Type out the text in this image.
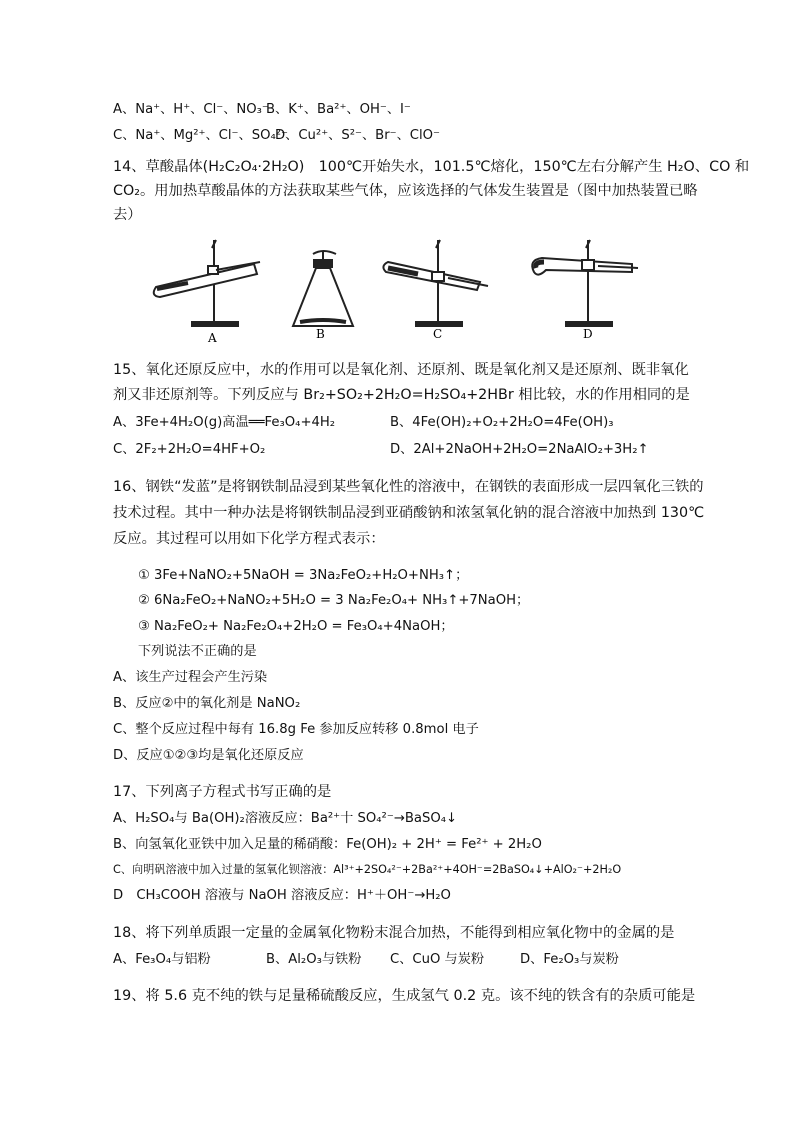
A、Na⁺、H⁺、Cl⁻、NO₃⁻
B、K⁺、Ba²⁺、OH⁻、I⁻
C、Na⁺、Mg²⁺、Cl⁻、SO₄²⁻
D、Cu²⁺、S²⁻、Br⁻、ClO⁻
14、草酸晶体(H₂C₂O₄·2H₂O)　100℃开始失水，101.5℃熔化，150℃左右分解产生 H₂O、CO 和
CO₂。用加热草酸晶体的方法获取某些气体，应该选择的气体发生装置是（图中加热装置已略
去）
A	B	C	D
15、氧化还原反应中，水的作用可以是氧化剂、还原剂、既是氧化剂又是还原剂、既非氧化
剂又非还原剂等。下列反应与 Br₂+SO₂+2H₂O=H₂SO₄+2HBr 相比较，水的作用相同的是
A、3Fe+4H₂O(g)高温══Fe₃O₄+4H₂	B、4Fe(OH)₂+O₂+2H₂O=4Fe(OH)₃
C、2F₂+2H₂O=4HF+O₂	D、2Al+2NaOH+2H₂O=2NaAlO₂+3H₂↑
16、钢铁“发蓝”是将钢铁制品浸到某些氧化性的溶液中，在钢铁的表面形成一层四氧化三铁的
技术过程。其中一种办法是将钢铁制品浸到亚硝酸钠和浓氢氧化钠的混合溶液中加热到 130℃
反应。其过程可以用如下化学方程式表示：
① 3Fe+NaNO₂+5NaOH = 3Na₂FeO₂+H₂O+NH₃↑；
② 6Na₂FeO₂+NaNO₂+5H₂O = 3 Na₂Fe₂O₄+ NH₃↑+7NaOH；
③ Na₂FeO₂+ Na₂Fe₂O₄+2H₂O = Fe₃O₄+4NaOH；
下列说法不正确的是
A、该生产过程会产生污染
B、反应②中的氧化剂是 NaNO₂
C、整个反应过程中每有 16.8g Fe 参加反应转移 0.8mol 电子
D、反应①②③均是氧化还原反应
17、下列离子方程式书写正确的是
A、H₂SO₄与 Ba(OH)₂溶液反应：Ba²⁺十 SO₄²⁻→BaSO₄↓
B、向氢氧化亚铁中加入足量的稀硝酸：Fe(OH)₂ + 2H⁺ = Fe²⁺ + 2H₂O
C、向明矾溶液中加入过量的氢氧化钡溶液：Al³⁺+2SO₄²⁻+2Ba²⁺+4OH⁻=2BaSO₄↓+AlO₂⁻+2H₂O
D　CH₃COOH 溶液与 NaOH 溶液反应：H⁺＋OH⁻→H₂O
18、将下列单质跟一定量的金属氧化物粉末混合加热，不能得到相应氧化物中的金属的是
A、Fe₃O₄与铝粉	B、Al₂O₃与铁粉 C、CuO 与炭粉	D、Fe₂O₃与炭粉
19、将 5.6 克不纯的铁与足量稀硫酸反应，生成氢气 0.2 克。该不纯的铁含有的杂质可能是
